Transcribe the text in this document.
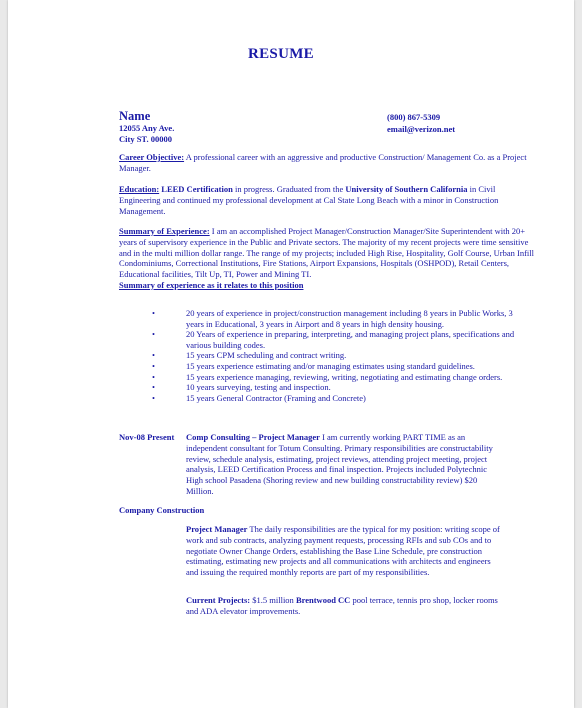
RESUME
Name
12055 Any Ave.
City ST. 00000
(800) 867-5309
email@verizon.net
Career Objective: A professional career with an aggressive and productive Construction/ Management Co. as a Project Manager.
Education: LEED Certification in progress. Graduated from the University of Southern California in Civil Engineering and continued my professional development at Cal State Long Beach with a minor in Construction Management.
Summary of Experience: I am an accomplished Project Manager/Construction Manager/Site Superintendent with 20+ years of supervisory experience in the Public and Private sectors. The majority of my recent projects were time sensitive and in the multi million dollar range. The range of my projects; included High Rise, Hospitality, Golf Course, Urban Infill Condominiums, Correctional Institutions, Fire Stations, Airport Expansions, Hospitals (OSHPOD), Retail Centers, Educational facilities, Tilt Up, TI, Power and Mining TI.
Summary of experience as it relates to this position
•	20 years of experience in project/construction management including 8 years in Public Works, 3 years in Educational, 3 years in Airport and 8 years in high density housing.
•	20 Years of experience in preparing, interpreting, and managing project plans, specifications and various building codes.
•	15 years CPM scheduling and contract writing.
•	15 years experience estimating and/or managing estimates using standard guidelines.
•	15 years experience managing, reviewing, writing, negotiating and estimating change orders.
•	10 years surveying, testing and inspection.
•	15 years General Contractor (Framing and Concrete)
Nov-08 Present Comp Consulting – Project Manager I am currently working PART TIME as an independent consultant for Totum Consulting. Primary responsibilities are constructability review, schedule analysis, estimating, project reviews, attending project meeting, project analysis, LEED Certification Process and final inspection. Projects included Polytechnic High school Pasadena (Shoring review and new building constructability review) $20 Million.
Company Construction
Project Manager The daily responsibilities are the typical for my position: writing scope of work and sub contracts, analyzing payment requests, processing RFIs and sub COs and to negotiate Owner Change Orders, establishing the Base Line Schedule, pre construction estimating, estimating new projects and all communications with architects and engineers and issuing the required monthly reports are part of my responsibilities.
Current Projects: $1.5 million Brentwood CC pool terrace, tennis pro shop, locker rooms and ADA elevator improvements.
